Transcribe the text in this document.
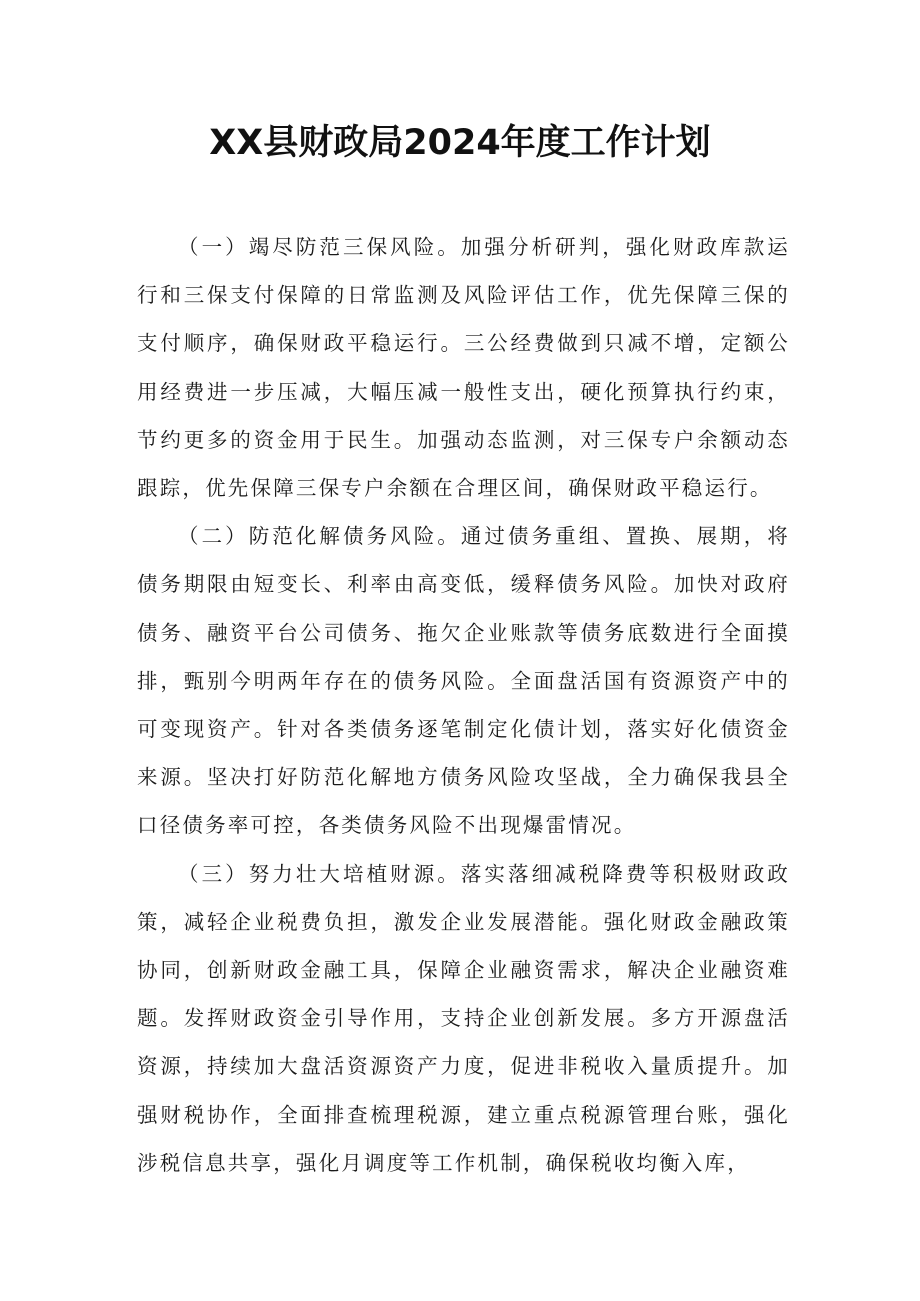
XX县财政局2024年度工作计划

（一）竭尽防范三保风险。加强分析研判，强化财政库款运行和三保支付保障的日常监测及风险评估工作，优先保障三保的支付顺序，确保财政平稳运行。三公经费做到只减不增，定额公用经费进一步压减，大幅压减一般性支出，硬化预算执行约束，节约更多的资金用于民生。加强动态监测，对三保专户余额动态跟踪，优先保障三保专户余额在合理区间，确保财政平稳运行。

（二）防范化解债务风险。通过债务重组、置换、展期，将债务期限由短变长、利率由高变低，缓释债务风险。加快对政府债务、融资平台公司债务、拖欠企业账款等债务底数进行全面摸排，甄别今明两年存在的债务风险。全面盘活国有资源资产中的可变现资产。针对各类债务逐笔制定化债计划，落实好化债资金来源。坚决打好防范化解地方债务风险攻坚战，全力确保我县全口径债务率可控，各类债务风险不出现爆雷情况。

（三）努力壮大培植财源。落实落细减税降费等积极财政政策，减轻企业税费负担，激发企业发展潜能。强化财政金融政策协同，创新财政金融工具，保障企业融资需求，解决企业融资难题。发挥财政资金引导作用，支持企业创新发展。多方开源盘活资源，持续加大盘活资源资产力度，促进非税收入量质提升。加强财税协作，全面排查梳理税源，建立重点税源管理台账，强化涉税信息共享，强化月调度等工作机制，确保税收均衡入库，
